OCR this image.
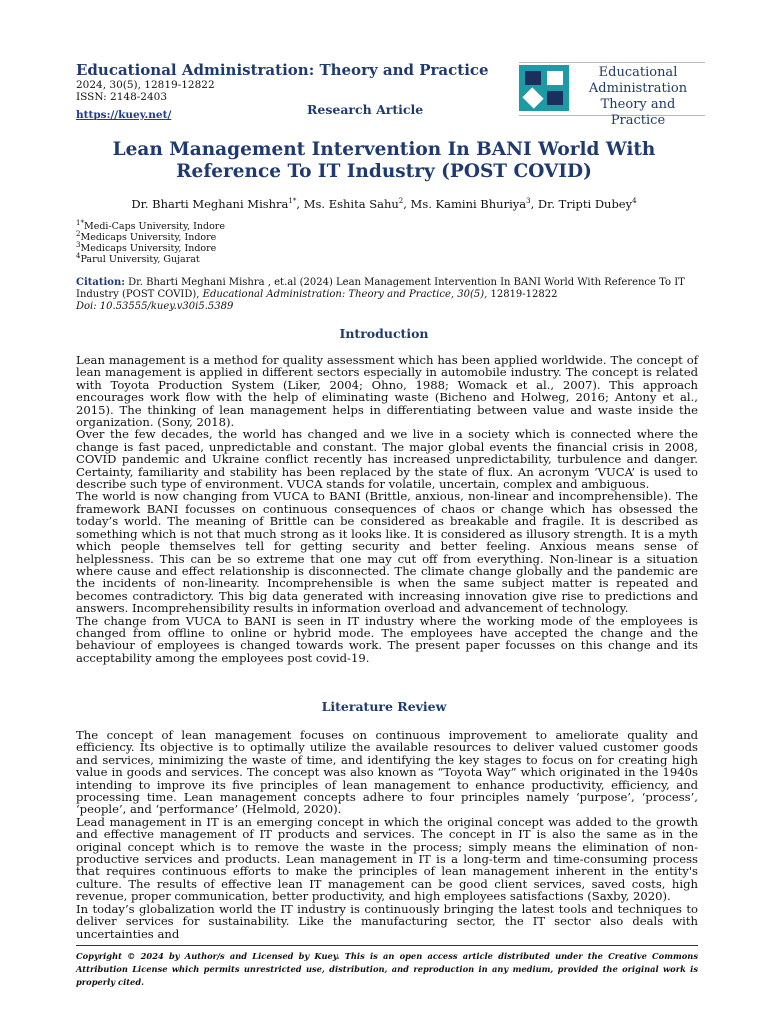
Educational Administration: Theory and Practice

2024, 30(5), 12819-12822

ISSN: 2148-2403

https://kuey.net/	Research Article
Educational
Administration
Theory and Practice
Lean Management Intervention In BANI World With Reference To IT Industry (POST COVID)
Dr. Bharti Meghani Mishra$^{1*}$, Ms. Eshita Sahu$^2$, Ms. Kamini Bhuriya$^3$, Dr. Tripti Dubey$^4$
$^{1*}$Medi-Caps University, Indore
$^2$Medicaps University, Indore
$^3$Medicaps University, Indore
$^4$Parul University, Gujarat
Citation: Dr. Bharti Meghani Mishra , et.al (2024) Lean Management Intervention In BANI World With Reference To IT Industry (POST COVID), Educational Administration: Theory and Practice, 30(5), 12819-12822
Doi: 10.53555/kuey.v30i5.5389
Introduction

Lean management is a method for quality assessment which has been applied worldwide. The concept of lean management is applied in different sectors especially in automobile industry. The concept is related with Toyota Production System (Liker, 2004; Ohno, 1988; Womack et al., 2007). This approach encourages work flow with the help of eliminating waste (Bicheno and Holweg, 2016; Antony et al., 2015). The thinking of lean management helps in differentiating between value and waste inside the organization. (Sony, 2018).

Over the few decades, the world has changed and we live in a society which is connected where the change is fast paced, unpredictable and constant. The major global events the financial crisis in 2008, COVID pandemic and Ukraine conflict recently has increased unpredictability, turbulence and danger. Certainty, familiarity and stability has been replaced by the state of flux. An acronym ‘VUCA’ is used to describe such type of environment. VUCA stands for volatile, uncertain, complex and ambiguous.

The world is now changing from VUCA to BANI (Brittle, anxious, non-linear and incomprehensible). The framework BANI focusses on continuous consequences of chaos or change which has obsessed the today’s world. The meaning of Brittle can be considered as breakable and fragile. It is described as something which is not that much strong as it looks like. It is considered as illusory strength. It is a myth which people themselves tell for getting security and better feeling. Anxious means sense of helplessness. This can be so extreme that one may cut off from everything. Non-linear is a situation where cause and effect relationship is disconnected. The climate change globally and the pandemic are the incidents of non-linearity. Incomprehensible is when the same subject matter is repeated and becomes contradictory. This big data generated with increasing innovation give rise to predictions and answers. Incomprehensibility results in information overload and advancement of technology.

The change from VUCA to BANI is seen in IT industry where the working mode of the employees is changed from offline to online or hybrid mode. The employees have accepted the change and the behaviour of employees is changed towards work. The present paper focusses on this change and its acceptability among the employees post covid-19.

Literature Review

The concept of lean management focuses on continuous improvement to ameliorate quality and efficiency. Its objective is to optimally utilize the available resources to deliver valued customer goods and services, minimizing the waste of time, and identifying the key stages to focus on for creating high value in goods and services. The concept was also known as “Toyota Way” which originated in the 1940s intending to improve its five principles of lean management to enhance productivity, efficiency, and processing time. Lean management concepts adhere to four principles namely ‘purpose’, ‘process’, ‘people’, and ‘performance’ (Helmold, 2020).

Lead management in IT is an emerging concept in which the original concept was added to the growth and effective management of IT products and services. The concept in IT is also the same as in the original concept which is to remove the waste in the process; simply means the elimination of non-productive services and products. Lean management in IT is a long-term and time-consuming process that requires continuous efforts to make the principles of lean management inherent in the entity's culture. The results of effective lean IT management can be good client services, saved costs, high revenue, proper communication, better productivity, and high employees satisfactions (Saxby, 2020).

In today’s globalization world the IT industry is continuously bringing the latest tools and techniques to deliver services for sustainability. Like the manufacturing sector, the IT sector also deals with uncertainties and

Copyright © 2024 by Author/s and Licensed by Kuey. This is an open access article distributed under the Creative Commons Attribution License which permits unrestricted use, distribution, and reproduction in any medium, provided the original work is properly cited.
